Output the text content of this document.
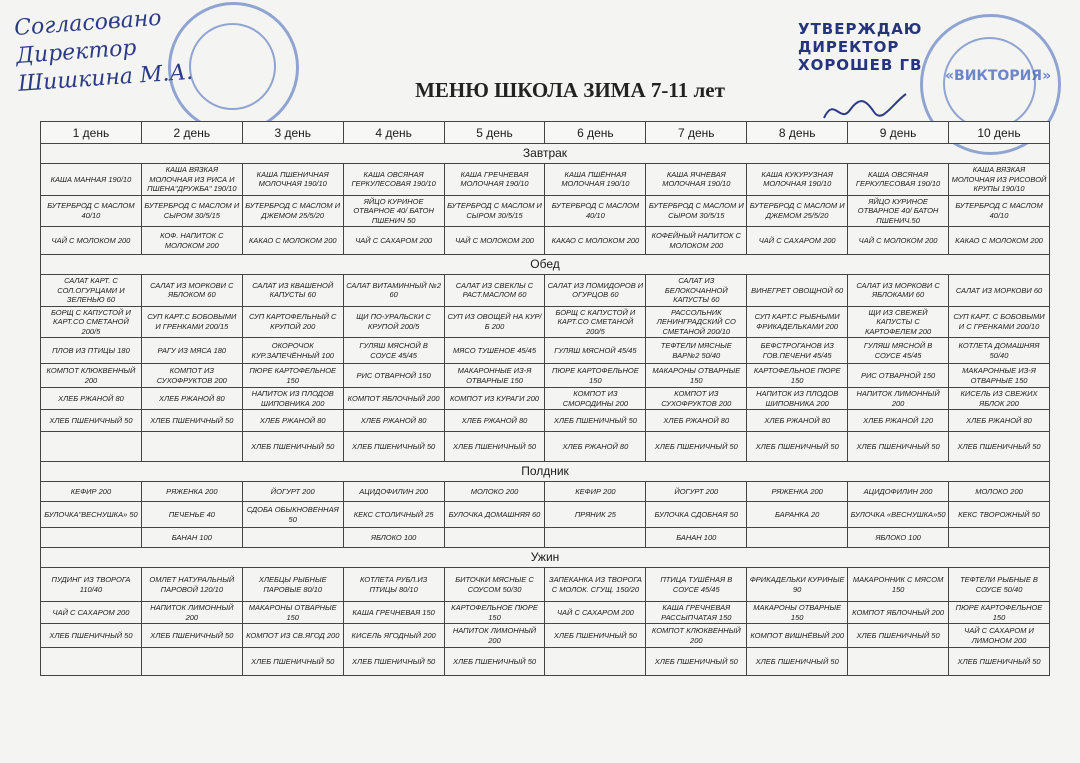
Согласовано
Директор
Шишкина М.А.
УТВЕРЖДАЮ
ДИРЕКТОР
ХОРОШЕВ ГВ
«ВИКТОРИЯ»
МЕНЮ ШКОЛА ЗИМА 7-11 лет
1 день	2 день	3 день	4 день	5 день	6 день	7 день	8 день	9 день	10 день
Завтрак									
КАША МАННАЯ 190/10	КАША ВЯЗКАЯ МОЛОЧНАЯ ИЗ РИСА И ПШЕНА"ДРУЖБА" 190/10	КАША ПШЕНИЧНАЯ МОЛОЧНАЯ 190/10	КАША ОВСЯНАЯ ГЕРКУЛЕСОВАЯ 190/10	КАША ГРЕЧНЕВАЯ МОЛОЧНАЯ 190/10	КАША ПШЁННАЯ МОЛОЧНАЯ 190/10	КАША ЯЧНЕВАЯ МОЛОЧНАЯ 190/10	КАША КУКУРУЗНАЯ МОЛОЧНАЯ 190/10	КАША ОВСЯНАЯ ГЕРКУЛЕСОВАЯ 190/10	КАША ВЯЗКАЯ МОЛОЧНАЯ ИЗ РИСОВОЙ КРУПЫ 190/10
БУТЕРБРОД С МАСЛОМ 40/10	БУТЕРБРОД С МАСЛОМ И СЫРОМ 30/5/15	БУТЕРБРОД С МАСЛОМ И ДЖЕМОМ 25/5/20	ЯЙЦО КУРИНОЕ ОТВАРНОЕ 40/ БАТОН ПШЕНИЧ 50	БУТЕРБРОД С МАСЛОМ И СЫРОМ 30/5/15	БУТЕРБРОД С МАСЛОМ 40/10	БУТЕРБРОД С МАСЛОМ И СЫРОМ 30/5/15	БУТЕРБРОД С МАСЛОМ И ДЖЕМОМ 25/5/20	ЯЙЦО КУРИНОЕ ОТВАРНОЕ 40/ БАТОН ПШЕНИЧ.50	БУТЕРБРОД С МАСЛОМ 40/10
ЧАЙ С МОЛОКОМ 200	КОФ. НАПИТОК С МОЛОКОМ 200	КАКАО С МОЛОКОМ 200	ЧАЙ С САХАРОМ 200	ЧАЙ С МОЛОКОМ 200	КАКАО С МОЛОКОМ 200	КОФЕЙНЫЙ НАПИТОК С МОЛОКОМ 200	ЧАЙ С САХАРОМ 200	ЧАЙ С МОЛОКОМ 200	КАКАО С МОЛОКОМ 200
Обед									
САЛАТ КАРТ. С СОЛ.ОГУРЦАМИ И ЗЕЛЕНЬЮ 60	САЛАТ ИЗ МОРКОВИ С ЯБЛОКОМ 60	САЛАТ ИЗ КВАШЕНОЙ КАПУСТЫ 60	САЛАТ ВИТАМИННЫЙ №2 60	САЛАТ ИЗ СВЕКЛЫ С РАСТ.МАСЛОМ 60	САЛАТ ИЗ ПОМИДОРОВ И ОГУРЦОВ 60	САЛАТ ИЗ БЕЛОКОЧАННОЙ КАПУСТЫ 60	ВИНЕГРЕТ ОВОЩНОЙ 60	САЛАТ ИЗ МОРКОВИ С ЯБЛОКАМИ 60	САЛАТ ИЗ МОРКОВИ 60
БОРЩ С КАПУСТОЙ И КАРТ.СО СМЕТАНОЙ 200/5	СУП КАРТ.С БОБОВЫМИ И ГРЕНКАМИ 200/15	СУП КАРТОФЕЛЬНЫЙ С КРУПОЙ 200	ЩИ ПО-УРАЛЬСКИ С КРУПОЙ 200/5	СУП ИЗ ОВОЩЕЙ НА КУР/Б 200	БОРЩ С КАПУСТОЙ И КАРТ.СО СМЕТАНОЙ 200/5	РАССОЛЬНИК ЛЕНИНГРАДСКИЙ СО СМЕТАНОЙ 200/10	СУП КАРТ.С РЫБНЫМИ ФРИКАДЕЛЬКАМИ 200	ЩИ ИЗ СВЕЖЕЙ КАПУСТЫ С КАРТОФЕЛЕМ 200	СУП КАРТ. С БОБОВЫМИ И С ГРЕНКАМИ 200/10
ПЛОВ ИЗ ПТИЦЫ 180	РАГУ ИЗ МЯСА 180	ОКОРОЧОК КУР.ЗАПЕЧЁННЫЙ 100	ГУЛЯШ МЯСНОЙ В СОУСЕ 45/45	МЯСО ТУШЕНОЕ 45/45	ГУЛЯШ МЯСНОЙ 45/45	ТЕФТЕЛИ МЯСНЫЕ ВАР№2 50/40	БЕФСТРОГАНОВ ИЗ ГОВ.ПЕЧЕНИ 45/45	ГУЛЯШ МЯСНОЙ В СОУСЕ 45/45	КОТЛЕТА ДОМАШНЯЯ 50/40
КОМПОТ КЛЮКВЕННЫЙ 200	КОМПОТ ИЗ СУХОФРУКТОВ 200	ПЮРЕ КАРТОФЕЛЬНОЕ 150	РИС ОТВАРНОЙ 150	МАКАРОННЫЕ ИЗ-Я ОТВАРНЫЕ 150	ПЮРЕ КАРТОФЕЛЬНОЕ 150	МАКАРОНЫ ОТВАРНЫЕ 150	КАРТОФЕЛЬНОЕ ПЮРЕ 150	РИС ОТВАРНОЙ 150	МАКАРОННЫЕ ИЗ-Я ОТВАРНЫЕ 150
ХЛЕБ РЖАНОЙ 80	ХЛЕБ РЖАНОЙ 80	НАПИТОК ИЗ ПЛОДОВ ШИПОВНИКА 200	КОМПОТ ЯБЛОЧНЫЙ 200	КОМПОТ ИЗ КУРАГИ 200	КОМПОТ ИЗ СМОРОДИНЫ 200	КОМПОТ ИЗ СУХОФРУКТОВ 200	НАПИТОК ИЗ ПЛОДОВ ШИПОВНИКА 200	НАПИТОК ЛИМОННЫЙ 200	КИСЕЛЬ ИЗ СВЕЖИХ ЯБЛОК 200
ХЛЕБ ПШЕНИЧНЫЙ 50	ХЛЕБ ПШЕНИЧНЫЙ 50	ХЛЕБ РЖАНОЙ 80	ХЛЕБ РЖАНОЙ 80	ХЛЕБ РЖАНОЙ 80	ХЛЕБ ПШЕНИЧНЫЙ 50	ХЛЕБ РЖАНОЙ 80	ХЛЕБ РЖАНОЙ 80	ХЛЕБ РЖАНОЙ 120	ХЛЕБ РЖАНОЙ 80
		ХЛЕБ ПШЕНИЧНЫЙ 50	ХЛЕБ ПШЕНИЧНЫЙ 50	ХЛЕБ ПШЕНИЧНЫЙ 50	ХЛЕБ РЖАНОЙ 80	ХЛЕБ ПШЕНИЧНЫЙ 50	ХЛЕБ ПШЕНИЧНЫЙ 50	ХЛЕБ ПШЕНИЧНЫЙ 50	ХЛЕБ ПШЕНИЧНЫЙ 50
Полдник									
КЕФИР 200	РЯЖЕНКА 200	ЙОГУРТ 200	АЦИДОФИЛИН 200	МОЛОКО 200	КЕФИР 200	ЙОГУРТ 200	РЯЖЕНКА 200	АЦИДОФИЛИН 200	МОЛОКО 200
БУЛОЧКА"ВЕСНУШКА» 50	ПЕЧЕНЬЕ 40	СДОБА ОБЫКНОВЕННАЯ 50	КЕКС СТОЛИЧНЫЙ 25	БУЛОЧКА ДОМАШНЯЯ 60	ПРЯНИК 25	БУЛОЧКА СДОБНАЯ 50	БАРАНКА 20	БУЛОЧКА «ВЕСНУШКА»50	КЕКС ТВОРОЖНЫЙ 50
	БАНАН 100		ЯБЛОКО 100			БАНАН 100		ЯБЛОКО 100	
Ужин									
ПУДИНГ ИЗ ТВОРОГА 110/40	ОМЛЕТ НАТУРАЛЬНЫЙ ПАРОВОЙ 120/10	ХЛЕБЦЫ РЫБНЫЕ ПАРОВЫЕ 80/10	КОТЛЕТА РУБЛ.ИЗ ПТИЦЫ 80/10	БИТОЧКИ МЯСНЫЕ С СОУСОМ 50/30	ЗАПЕКАНКА ИЗ ТВОРОГА С МОЛОК. СГУЩ. 150/20	ПТИЦА ТУШЁНАЯ В СОУСЕ 45/45	ФРИКАДЕЛЬКИ КУРИНЫЕ 90	МАКАРОННИК С МЯСОМ 150	ТЕФТЕЛИ РЫБНЫЕ В СОУСЕ 50/40
ЧАЙ С САХАРОМ 200	НАПИТОК ЛИМОННЫЙ 200	МАКАРОНЫ ОТВАРНЫЕ 150	КАША ГРЕЧНЕВАЯ 150	КАРТОФЕЛЬНОЕ ПЮРЕ 150	ЧАЙ С САХАРОМ 200	КАША ГРЕЧНЕВАЯ РАССЫПЧАТАЯ 150	МАКАРОНЫ ОТВАРНЫЕ 150	КОМПОТ ЯБЛОЧНЫЙ 200	ПЮРЕ КАРТОФЕЛЬНОЕ 150
ХЛЕБ ПШЕНИЧНЫЙ 50	ХЛЕБ ПШЕНИЧНЫЙ 50	КОМПОТ ИЗ СВ.ЯГОД 200	КИСЕЛЬ ЯГОДНЫЙ 200	НАПИТОК ЛИМОННЫЙ 200	ХЛЕБ ПШЕНИЧНЫЙ 50	КОМПОТ КЛЮКВЕННЫЙ 200	КОМПОТ ВИШНЁВЫЙ 200	ХЛЕБ ПШЕНИЧНЫЙ 50	ЧАЙ С САХАРОМ И ЛИМОНОМ 200
		ХЛЕБ ПШЕНИЧНЫЙ 50	ХЛЕБ ПШЕНИЧНЫЙ 50	ХЛЕБ ПШЕНИЧНЫЙ 50		ХЛЕБ ПШЕНИЧНЫЙ 50	ХЛЕБ ПШЕНИЧНЫЙ 50		ХЛЕБ ПШЕНИЧНЫЙ 50
